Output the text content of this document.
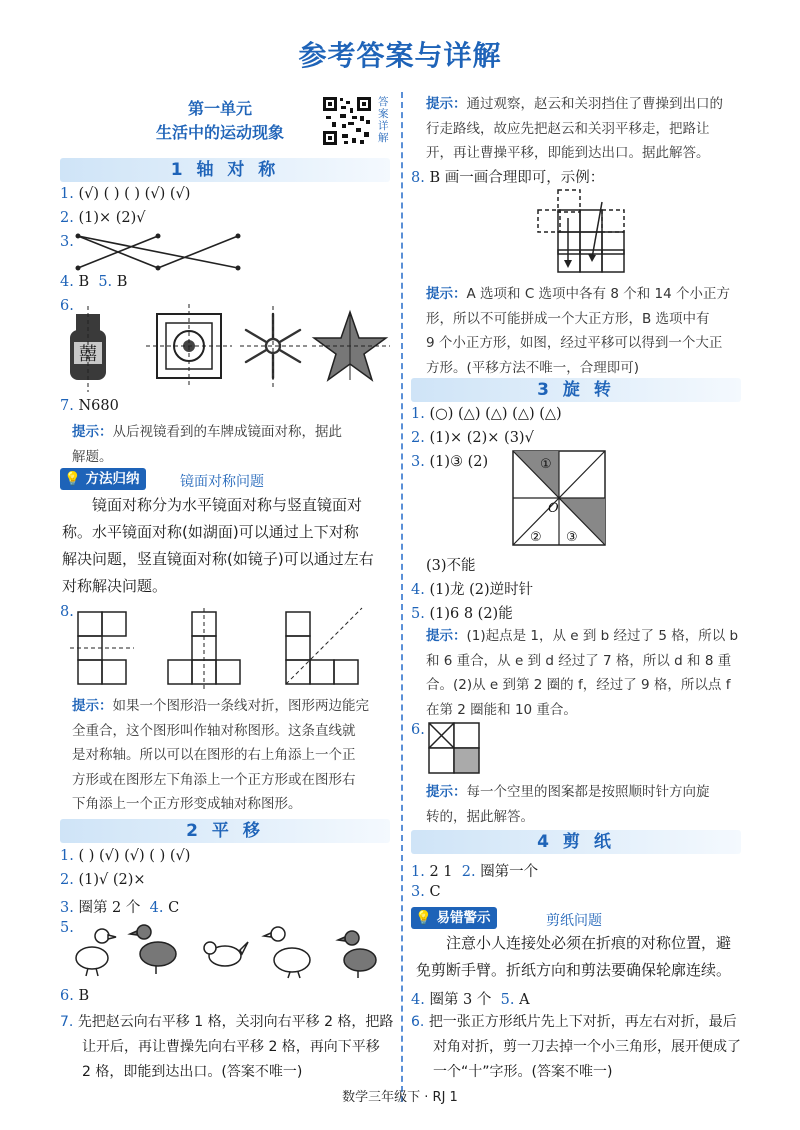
参考答案与详解
第一单元
生活中的运动现象
答案详解
1 轴 对 称
1. (√) ( ) ( ) (√) (√)
2. (1)× (2)√
3.
4. B 5. B
6.
囍
7. N680
提示：从后视镜看到的车牌成镜面对称，据此
解题。
💡 方法归纳	镜面对称问题
镜面对称分为水平镜面对称与竖直镜面对
称。水平镜面对称(如湖面)可以通过上下对称
解决问题，竖直镜面对称(如镜子)可以通过左右
对称解决问题。
8.
提示：如果一个图形沿一条线对折，图形两边能完
全重合，这个图形叫作轴对称图形。这条直线就
是对称轴。所以可以在图形的右上角添上一个正
方形或在图形左下角添上一个正方形或在图形右
下角添上一个正方形变成轴对称图形。
2 平 移
1. ( ) (√) (√) ( ) (√)
2. (1)√ (2)×
3. 圈第 2 个 4. C
5.
6. B
7. 先把赵云向右平移 1 格，关羽向右平移 2 格，把路
让开后，再让曹操先向右平移 2 格，再向下平移
2 格，即能到达出口。(答案不唯一)
提示：通过观察，赵云和关羽挡住了曹操到出口的
行走路线，故应先把赵云和关羽平移走，把路让
开，再让曹操平移，即能到达出口。据此解答。
8. B 画一画合理即可，示例：
提示：A 选项和 C 选项中各有 8 个和 14 个小正方
形，所以不可能拼成一个大正方形，B 选项中有
9 个小正方形，如图，经过平移可以得到一个大正
方形。(平移方法不唯一，合理即可)
3 旋 转
1. (○) (△) (△) (△) (△)
2. (1)× (2)× (3)√
3. (1)③ (2)	①
② ③
O
(3)不能
4. (1)龙 (2)逆时针
5. (1)6 8 (2)能
提示：(1)起点是 1，从 e 到 b 经过了 5 格，所以 b
和 6 重合，从 e 到 d 经过了 7 格，所以 d 和 8 重
合。(2)从 e 到第 2 圈的 f，经过了 9 格，所以点 f
在第 2 圈能和 10 重合。
6.
提示：每一个空里的图案都是按照顺时针方向旋
转的，据此解答。
4 剪 纸
1. 2 1 2. 圈第一个
3. C
💡 易错警示	剪纸问题
注意小人连接处必须在折痕的对称位置，避
免剪断手臂。折纸方向和剪法要确保轮廓连续。
4. 圈第 3 个 5. A
6. 把一张正方形纸片先上下对折，再左右对折，最后
对角对折，剪一刀去掉一个小三角形，展开便成了
一个“十”字形。(答案不唯一)
数学三年级下 · RJ 1
